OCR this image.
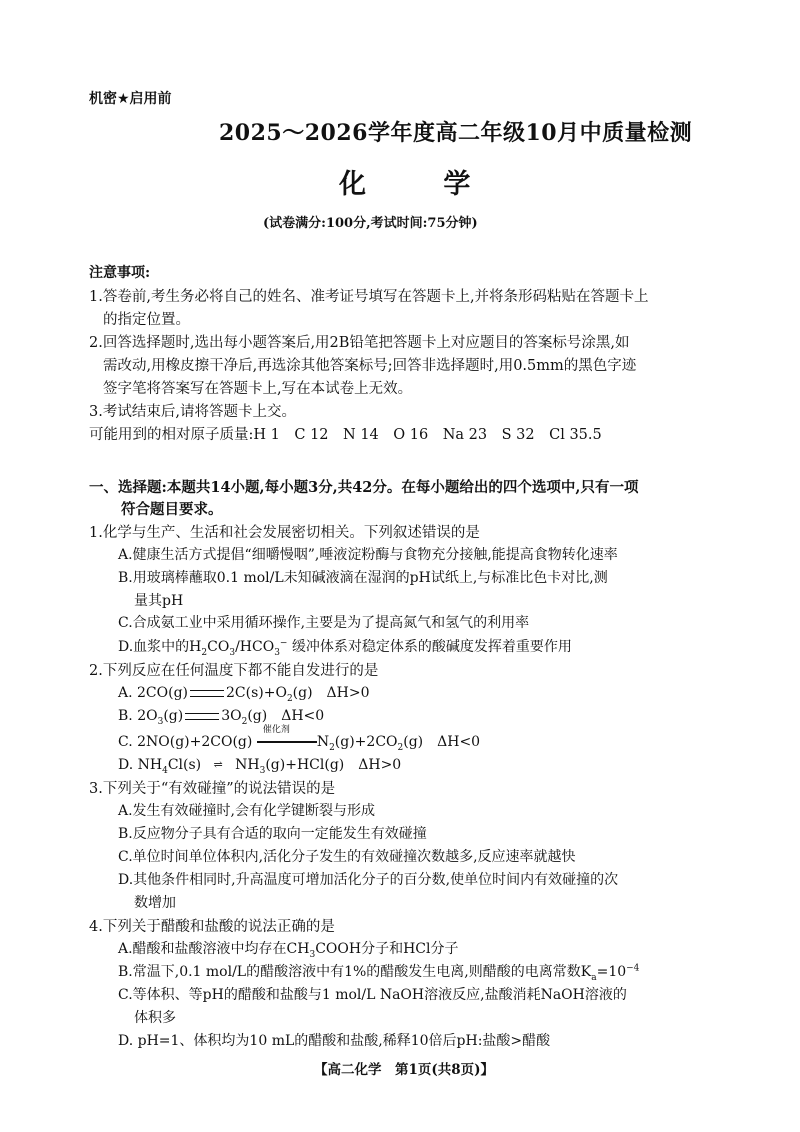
机密★启用前
2025～2026学年度高二年级10月中质量检测
化 学
(试卷满分:100分,考试时间:75分钟)
注意事项:
1.答卷前,考生务必将自己的姓名、准考证号填写在答题卡上,并将条形码粘贴在答题卡上
的指定位置。
2.回答选择题时,选出每小题答案后,用2B铅笔把答题卡上对应题目的答案标号涂黑,如
需改动,用橡皮擦干净后,再选涂其他答案标号;回答非选择题时,用0.5mm的黑色字迹
签字笔将答案写在答题卡上,写在本试卷上无效。
3.考试结束后,请将答题卡上交。
可能用到的相对原子质量:H 1　C 12　N 14　O 16　Na 23　S 32　Cl 35.5
一、选择题:本题共14小题,每小题3分,共42分。在每小题给出的四个选项中,只有一项
符合题目要求。
1.化学与生产、生活和社会发展密切相关。下列叙述错误的是
A.健康生活方式提倡“细嚼慢咽”,唾液淀粉酶与食物充分接触,能提高食物转化速率
B.用玻璃棒蘸取0.1 mol/L未知碱液滴在湿润的pH试纸上,与标准比色卡对比,测
量其pH
C.合成氨工业中采用循环操作,主要是为了提高氮气和氢气的利用率
D.血浆中的$H_2CO_3/HCO_3^-$ 缓冲体系对稳定体系的酸碱度发挥着重要作用
2.下列反应在任何温度下都不能自发进行的是
A. 2CO(g)	$2C(s)+O_2(g)$　ΔH>0
B. $2O_3(g)$	$3O_2(g)$　ΔH<0
C. 2NO(g)+2CO(g)
催化剂
$N_2(g)+2CO_2(g)$　ΔH<0
D. $NH_4Cl(s)$ ⇌ $NH_3(g)+HCl(g)$　ΔH>0
3.下列关于“有效碰撞”的说法错误的是
A.发生有效碰撞时,会有化学键断裂与形成
B.反应物分子具有合适的取向一定能发生有效碰撞
C.单位时间单位体积内,活化分子发生的有效碰撞次数越多,反应速率就越快
D.其他条件相同时,升高温度可增加活化分子的百分数,使单位时间内有效碰撞的次
数增加
4.下列关于醋酸和盐酸的说法正确的是
A.醋酸和盐酸溶液中均存在$CH_3COOH$分子和HCl分子
B.常温下,0.1 mol/L的醋酸溶液中有1%的醋酸发生电离,则醋酸的电离常数$K_a=10^{-4}$
C.等体积、等pH的醋酸和盐酸与1 mol/L NaOH溶液反应,盐酸消耗NaOH溶液的
体积多
D. pH=1、体积均为10 mL的醋酸和盐酸,稀释10倍后pH:盐酸>醋酸
【高二化学　第1页(共8页)】
